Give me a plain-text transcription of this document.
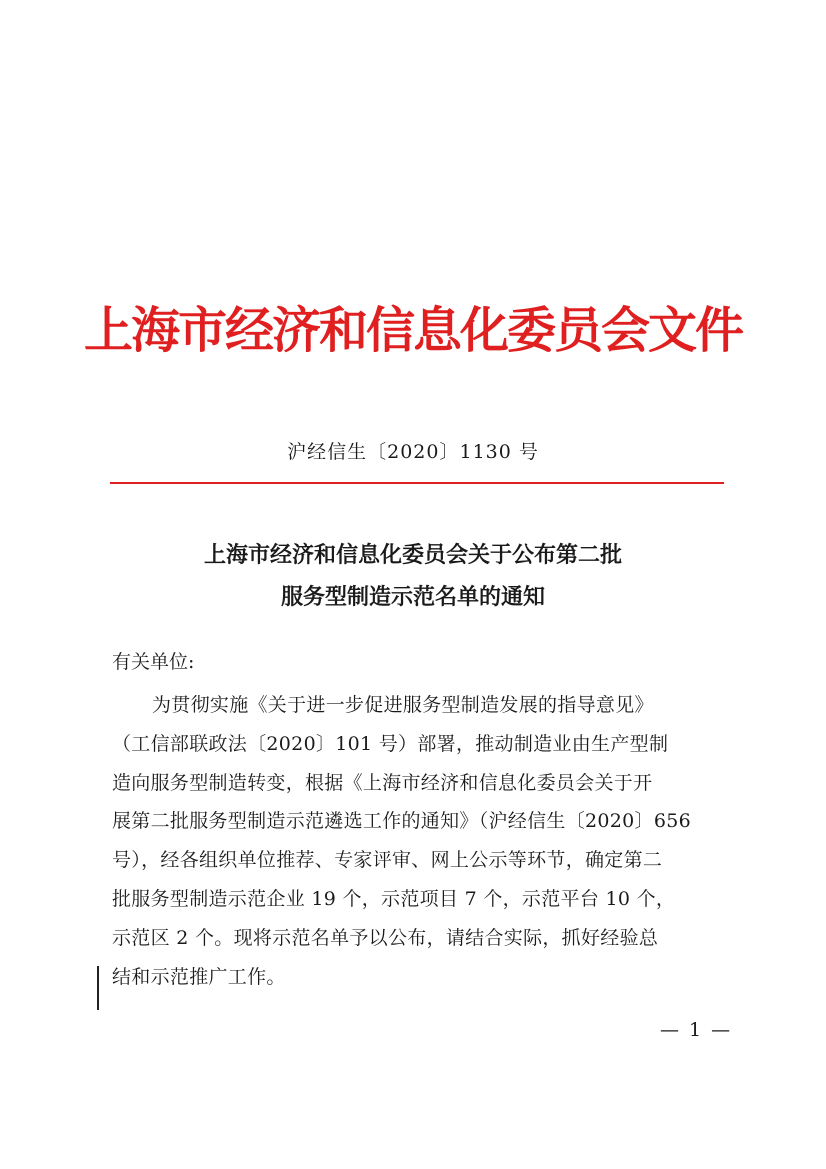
上海市经济和信息化委员会文件
沪经信生〔2020〕1130 号
上海市经济和信息化委员会关于公布第二批
服务型制造示范名单的通知
有关单位:
为贯彻实施《关于进一步促进服务型制造发展的指导意见》
（工信部联政法〔2020〕101 号）部署，推动制造业由生产型制
造向服务型制造转变，根据《上海市经济和信息化委员会关于开
展第二批服务型制造示范遴选工作的通知》（沪经信生〔2020〕656
号），经各组织单位推荐、专家评审、网上公示等环节，确定第二
批服务型制造示范企业 19 个，示范项目 7 个，示范平台 10 个，
示范区 2 个。现将示范名单予以公布，请结合实际，抓好经验总
结和示范推广工作。
— 1 —
